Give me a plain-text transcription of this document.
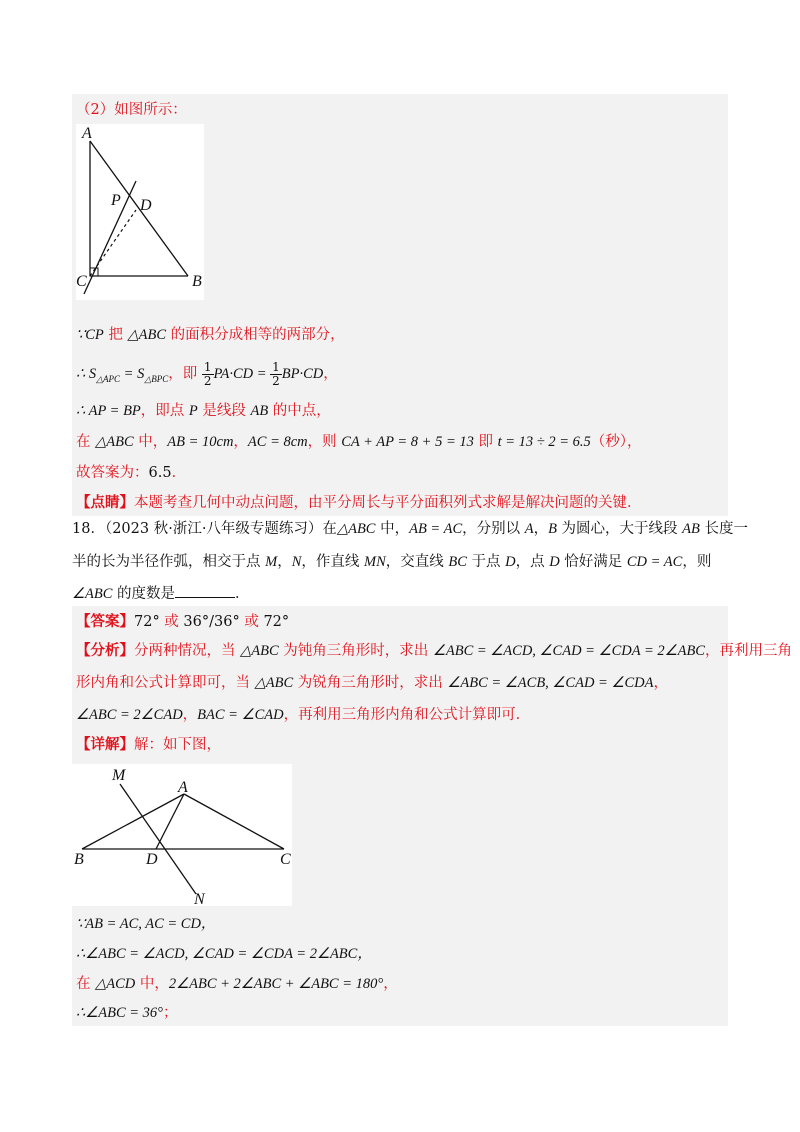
（2）如图所示：
A
P D
C	B
∵CP 把 △ABC 的面积分成相等的两部分，
∴ $S_{\triangle APC} = S_{\triangle BPC}$，即 $\frac{1}{2} PA\cdot CD = \frac{1}{2} BP\cdot CD$，
∴ AP = BP，即点 P 是线段 AB 的中点，
在 △ABC 中，AB = 10cm，AC = 8cm，则 CA + AP = 8 + 5 = 13 即 t = 13 ÷ 2 = 6.5（秒），
故答案为：6.5．
【点睛】本题考查几何中动点问题，由平分周长与平分面积列式求解是解决问题的关键．
18．（2023 秋·浙江·八年级专题练习）在△ABC 中，AB = AC，分别以 A，B 为圆心，大于线段 AB 长度一
半的长为半径作弧，相交于点 M，N，作直线 MN，交直线 BC 于点 D，点 D 恰好满足 CD = AC，则
∠ABC 的度数是	．
【答案】72° 或 36°/36° 或 72°
【分析】分两种情况，当 △ABC 为钝角三角形时，求出 ∠ABC = ∠ACD, ∠CAD = ∠CDA = 2∠ABC，再利用三角
形内角和公式计算即可，当 △ABC 为锐角三角形时，求出 ∠ABC = ∠ACB, ∠CAD = ∠CDA，
∠ABC = 2∠CAD，BAC = ∠CAD，再利用三角形内角和公式计算即可．
【详解】解：如下图，
M
A
B	D	C
N
∵AB = AC, AC = CD，
∴∠ABC = ∠ACD, ∠CAD = ∠CDA = 2∠ABC，
在 △ACD 中，2∠ABC + 2∠ABC + ∠ABC = 180°，
∴∠ABC = 36°；
